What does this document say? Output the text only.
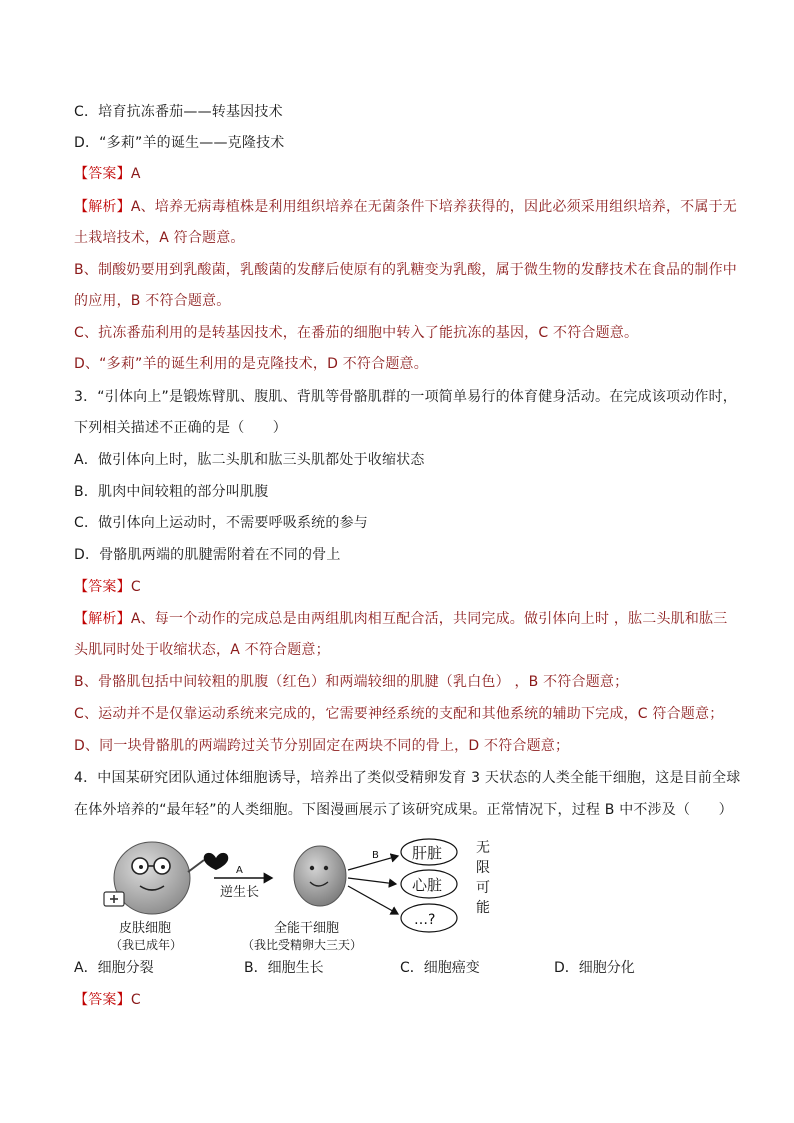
C．培育抗冻番茄——转基因技术
D．“多莉”羊的诞生——克隆技术
【答案】A
【解析】A、培养无病毒植株是利用组织培养在无菌条件下培养获得的，因此必须采用组织培养，不属于无
土栽培技术，A 符合题意。
B、制酸奶要用到乳酸菌，乳酸菌的发酵后使原有的乳糖变为乳酸，属于微生物的发酵技术在食品的制作中
的应用，B 不符合题意。
C、抗冻番茄利用的是转基因技术，在番茄的细胞中转入了能抗冻的基因，C 不符合题意。
D、“多莉”羊的诞生利用的是克隆技术，D 不符合题意。
3．“引体向上”是锻炼臂肌、腹肌、背肌等骨骼肌群的一项简单易行的体育健身活动。在完成该项动作时，
下列相关描述不正确的是（　　）
A．做引体向上时，肱二头肌和肱三头肌都处于收缩状态
B．肌肉中间较粗的部分叫肌腹
C．做引体向上运动时，不需要呼吸系统的参与
D．骨骼肌两端的肌腱需附着在不同的骨上
【答案】C
【解析】A、每一个动作的完成总是由两组肌肉相互配合活，共同完成。做引体向上时 ，肱二头肌和肱三
头肌同时处于收缩状态，A 不符合题意；
B、骨骼肌包括中间较粗的肌腹（红色）和两端较细的肌腱（乳白色） ，B 不符合题意；
C、运动并不是仅靠运动系统来完成的，它需要神经系统的支配和其他系统的辅助下完成，C 符合题意；
D、同一块骨骼肌的两端跨过关节分别固定在两块不同的骨上，D 不符合题意；
4．中国某研究团队通过体细胞诱导，培养出了类似受精卵发育 3 天状态的人类全能干细胞，这是目前全球
在体外培养的“最年轻”的人类细胞。下图漫画展示了该研究成果。正常情况下，过程 B 中不涉及（　　）
皮肤细胞
（我已成年）
A
逆生长
全能干细胞
（我比受精卵大三天）
B 肝脏
心脏
…?
无
限
可
能
A．细胞分裂	B．细胞生长	C．细胞癌变	D．细胞分化
【答案】C
